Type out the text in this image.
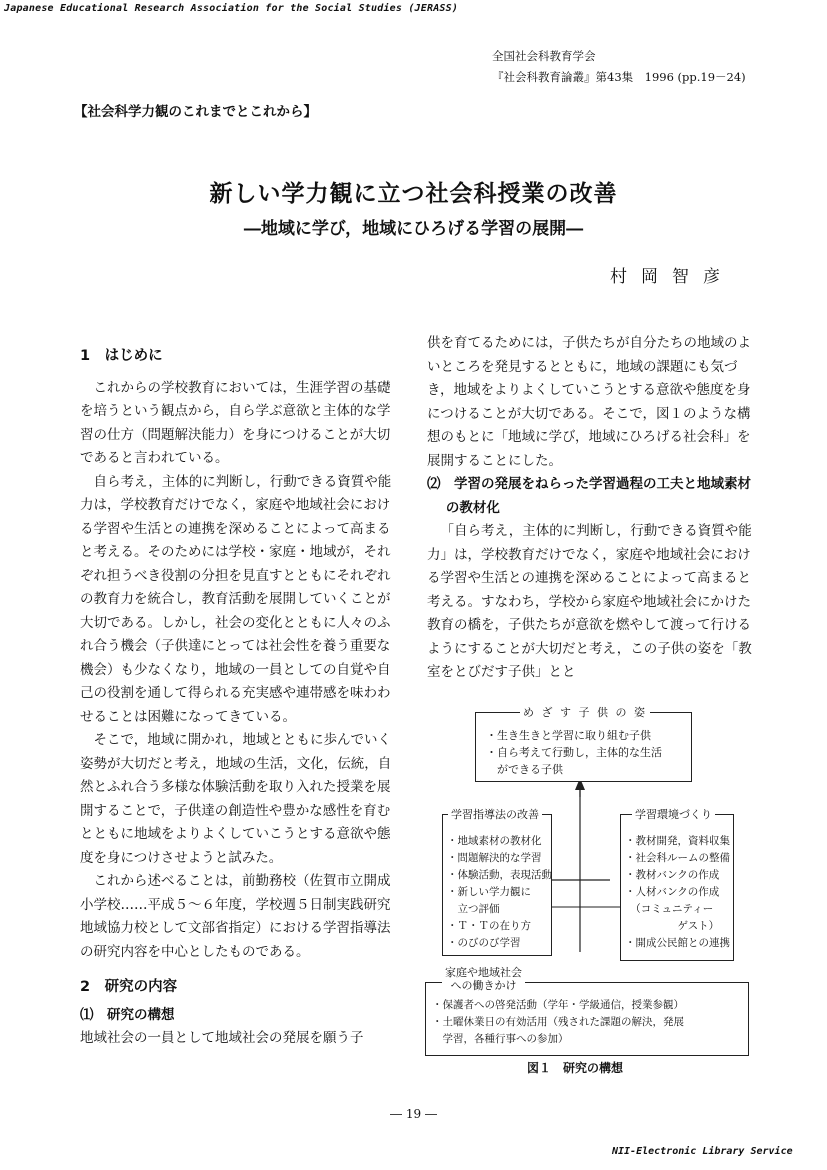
Japanese Educational Research Association for the Social Studies (JERASS)
全国社会科教育学会
『社会科教育論叢』第43集　1996 (pp.19－24)
【社会科学力観のこれまでとこれから】
新しい学力観に立つ社会科授業の改善
―地域に学び，地域にひろげる学習の展開―
村岡智彦

1　はじめに

これからの学校教育においては，生涯学習の基礎を培うという観点から，自ら学ぶ意欲と主体的な学習の仕方（問題解決能力）を身につけることが大切であると言われている。

自ら考え，主体的に判断し，行動できる資質や能力は，学校教育だけでなく，家庭や地域社会における学習や生活との連携を深めることによって高まると考える。そのためには学校・家庭・地域が，それぞれ担うべき役割の分担を見直すとともにそれぞれの教育力を統合し，教育活動を展開していくことが大切である。しかし，社会の変化とともに人々のふれ合う機会（子供達にとっては社会性を養う重要な機会）も少なくなり，地域の一員としての自覚や自己の役割を通して得られる充実感や連帯感を味わわせることは困難になってきている。

そこで，地域に開かれ，地域とともに歩んでいく姿勢が大切だと考え，地域の生活，文化，伝統，自然とふれ合う多様な体験活動を取り入れた授業を展開することで，子供達の創造性や豊かな感性を育むとともに地域をよりよくしていこうとする意欲や態度を身につけさせようと試みた。

これから述べることは，前勤務校（佐賀市立開成小学校……平成５～６年度，学校週５日制実践研究地域協力校として文部省指定）における学習指導法の研究内容を中心としたものである。

2　研究の内容

⑴　研究の構想

地域社会の一員として地域社会の発展を願う子

供を育てるためには，子供たちが自分たちの地域のよいところを発見するとともに，地域の課題にも気づき，地域をよりよくしていこうとする意欲や態度を身につけることが大切である。そこで，図１のような構想のもとに「地域に学び，地域にひろげる社会科」を展開することにした。

⑵　学習の発展をねらった学習過程の工夫と地域素材の教材化

「自ら考え，主体的に判断し，行動できる資質や能力」は，学校教育だけでなく，家庭や地域社会における学習や生活との連携を深めることによって高まると考える。すなわち，学校から家庭や地域社会にかけた教育の橋を，子供たちが意欲を燃やして渡って行けるようにすることが大切だと考え，この子供の姿を「教室をとびだす子供」とと

・生き生きと学習に取り組む子供
・自ら考えて行動し，主体的な生活
　ができる子供
め ざ す 子 供 の 姿
・地域素材の教材化
・問題解決的な学習
・体験活動，表現活動
・新しい学力観に
　立つ評価
・Ｔ・Ｔの在り方
・のびのび学習
学習指導法の改善
・教材開発，資料収集
・社会科ルームの整備
・教材バンクの作成
・人材バンクの作成
　（コミュニティー
　　　　　ゲスト）
・開成公民館との連携
学習環境づくり
・保護者への啓発活動（学年・学級通信，授業参観）
・土曜休業日の有効活用（残された課題の解決，発展
　学習，各種行事への参加）
家庭や地域社会
への働きかけ
図１　研究の構想
― 19 ―
NII-Electronic Library Service
